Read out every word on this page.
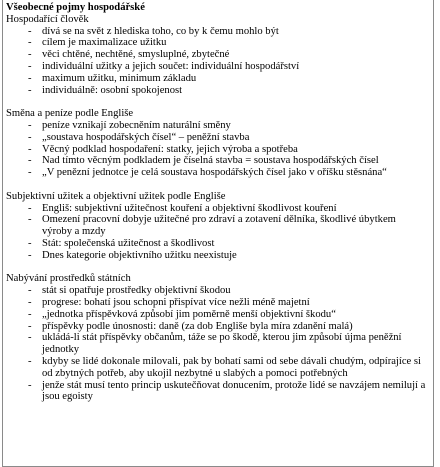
Všeobecné pojmy hospodářské
Hospodařící člověk
- dívá se na svět z hlediska toho, co by k čemu mohlo být
- cílem je maximalizace užitku
- věci chtěné, nechtěné, smysluplné, zbytečné
- individuální užitky a jejich součet: individuální hospodářství
- maximum užitku, minimum základu
- individuálně: osobní spokojenost
Směna a peníze podle Engliše
- peníze vznikají zobecněním naturální směny
- „soustava hospodářských čísel“ – peněžní stavba
- Věcný podklad hospodaření: statky, jejich výroba a spotřeba
- Nad tímto věcným podkladem je číselná stavba = soustava hospodářských čísel
- „V penězní jednotce je celá soustava hospodářských čísel jako v oříšku stěsnána“
Subjektivní užitek a objektivní užitek podle Engliše
- Engliš: subjektivní užitečnost kouření a objektivní škodlivost kouření
- Omezení pracovní dobyje užitečné pro zdraví a zotavení dělníka, škodlivé úbytkem výroby a mzdy
- Stát: společenská užitečnost a škodlivost
- Dnes kategorie objektivního užitku neexistuje
Nabývání prostředků státních
- stát si opatřuje prostředky objektivní škodou
- progrese: bohatí jsou schopni přispívat více nežli méně majetní
- „jednotka příspěvková způsobí jim poměrně menší objektivní škodu“
- příspěvky podle únosnosti: daně (za dob Engliše byla míra zdanění malá)
- ukládá-li stát příspěvky občanům, táže se po škodě, kterou jim způsobí újma peněžní jednotky
- kdyby se lidé dokonale milovali, pak by bohatí sami od sebe dávali chudým, odpírajíce si od zbytných potřeb, aby ukojil nezbytné u slabých a pomoci potřebných
- jenže stát musí tento princip uskutečňovat donucením, protože lidé se navzájem nemilují a jsou egoisty
